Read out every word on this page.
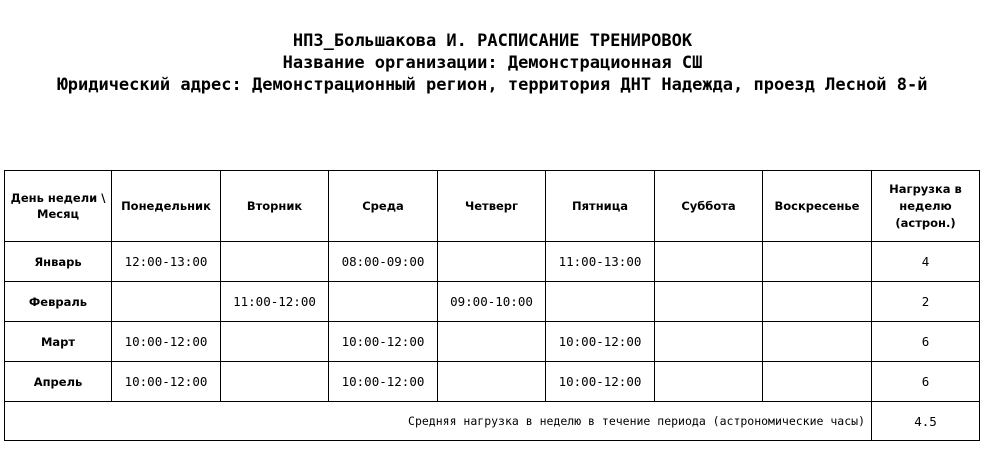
НПЗ_Большакова И. РАСПИСАНИЕ ТРЕНИРОВОК
Название организации: Демонстрационная СШ
Юридический адрес: Демонстрационный регион, территория ДНТ Надежда, проезд Лесной 8-й
День недели \ Месяц	Понедельник	Вторник	Среда	Четверг	Пятница	Суббота	Воскресенье	Нагрузка в неделю (астрон.)
Январь	12:00-13:00		08:00-09:00		11:00-13:00			4
Февраль		11:00-12:00		09:00-10:00				2
Март	10:00-12:00		10:00-12:00		10:00-12:00			6
Апрель	10:00-12:00		10:00-12:00		10:00-12:00			6
Средняя нагрузка в неделю в течение периода (астрономические часы)								4.5
